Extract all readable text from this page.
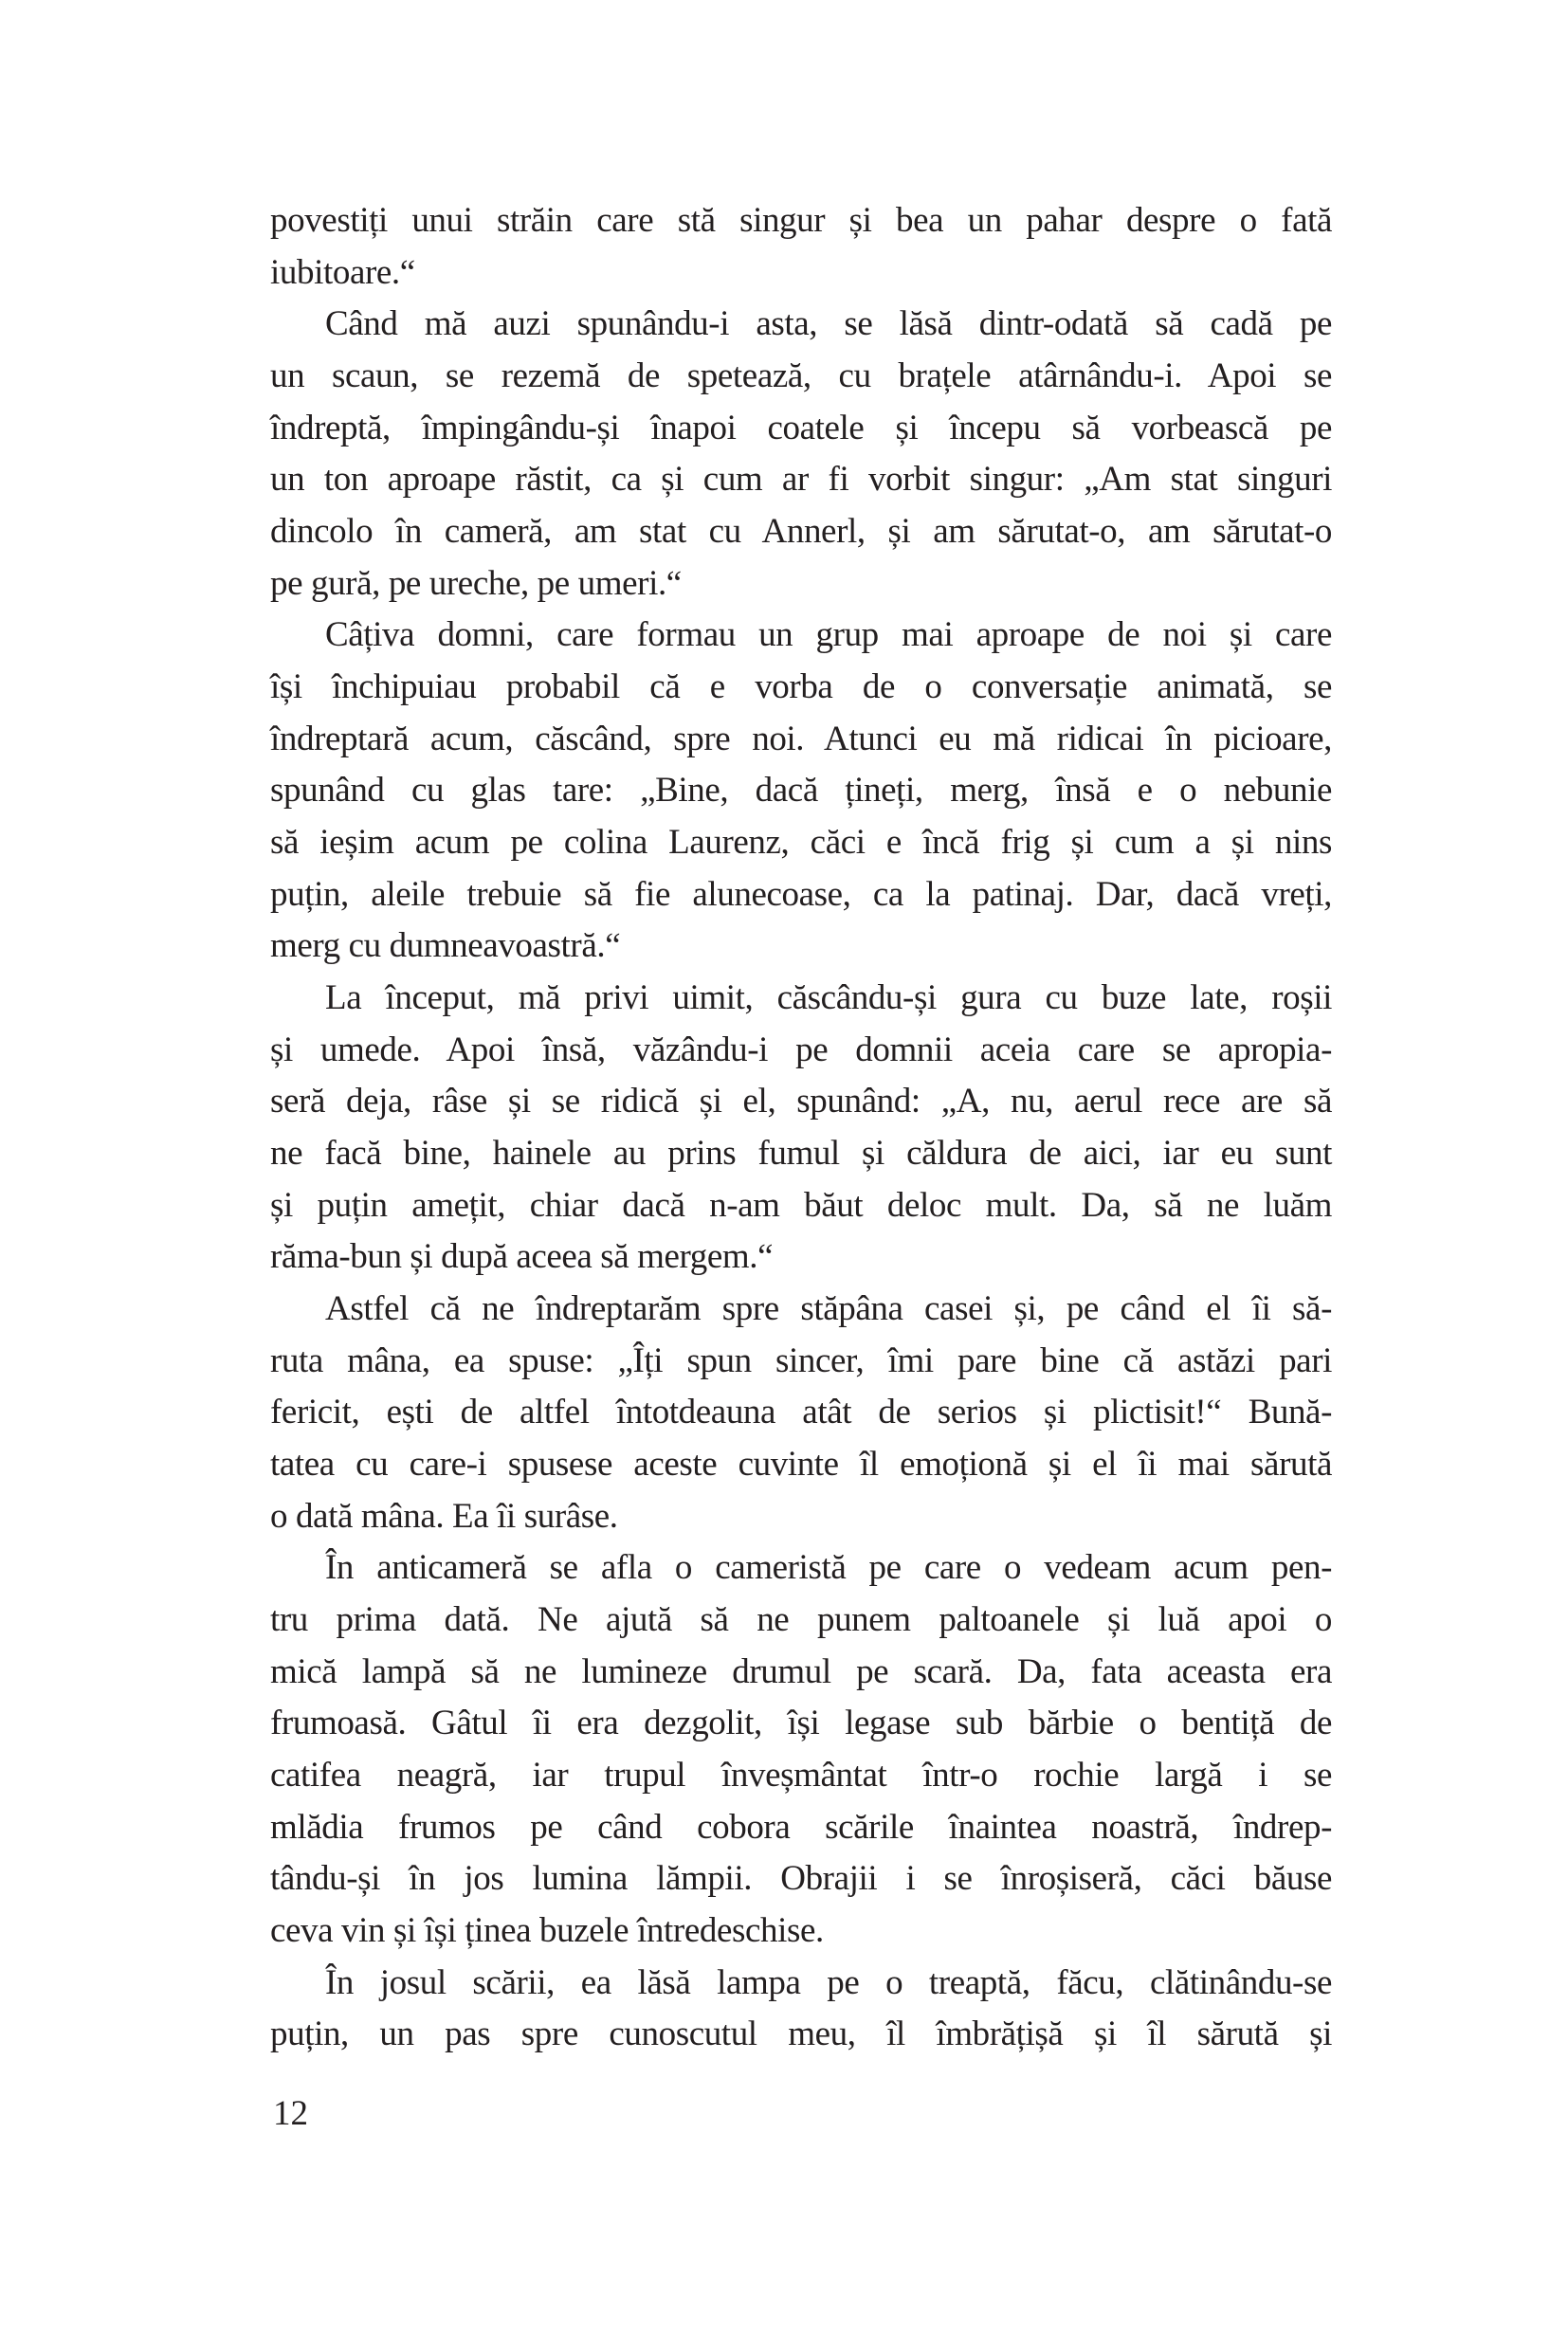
povestiți unui străin care stă singur și bea un pahar despre o fată
iubitoare.“
Când mă auzi spunându-i asta, se lăsă dintr-odată să cadă pe
un scaun, se rezemă de spetează, cu brațele atârnându-i. Apoi se
îndreptă, împingându-și înapoi coatele și începu să vorbească pe
un ton aproape răstit, ca și cum ar fi vorbit singur: „Am stat singuri
dincolo în cameră, am stat cu Annerl, și am sărutat-o, am sărutat-o
pe gură, pe ureche, pe umeri.“
Câțiva domni, care formau un grup mai aproape de noi și care
își închipuiau probabil că e vorba de o conversație animată, se
îndreptară acum, căscând, spre noi. Atunci eu mă ridicai în picioare,
spunând cu glas tare: „Bine, dacă țineți, merg, însă e o nebunie
să ieșim acum pe colina Laurenz, căci e încă frig și cum a și nins
puțin, aleile trebuie să fie alunecoase, ca la patinaj. Dar, dacă vreți,
merg cu dumneavoastră.“
La început, mă privi uimit, căscându-și gura cu buze late, roșii
și umede. Apoi însă, văzându-i pe domnii aceia care se apropia-
seră deja, râse și se ridică și el, spunând: „A, nu, aerul rece are să
ne facă bine, hainele au prins fumul și căldura de aici, iar eu sunt
și puțin amețit, chiar dacă n-am băut deloc mult. Da, să ne luăm
răma-bun și după aceea să mergem.“
Astfel că ne îndreptarăm spre stăpâna casei și, pe când el îi să-
ruta mâna, ea spuse: „Îți spun sincer, îmi pare bine că astăzi pari
fericit, ești de altfel întotdeauna atât de serios și plictisit!“ Bună-
tatea cu care-i spusese aceste cuvinte îl emoționă și el îi mai sărută
o dată mâna. Ea îi surâse.
În anticameră se afla o cameristă pe care o vedeam acum pen-
tru prima dată. Ne ajută să ne punem paltoanele și luă apoi o
mică lampă să ne lumineze drumul pe scară. Da, fata aceasta era
frumoasă. Gâtul îi era dezgolit, își legase sub bărbie o bentiță de
catifea neagră, iar trupul înveșmântat într-o rochie largă i se
mlădia frumos pe când cobora scările înaintea noastră, îndrep-
tându-și în jos lumina lămpii. Obrajii i se înroșiseră, căci băuse
ceva vin și își ținea buzele întredeschise.
În josul scării, ea lăsă lampa pe o treaptă, făcu, clătinându-se
puțin, un pas spre cunoscutul meu, îl îmbrățișă și îl sărută și
12
